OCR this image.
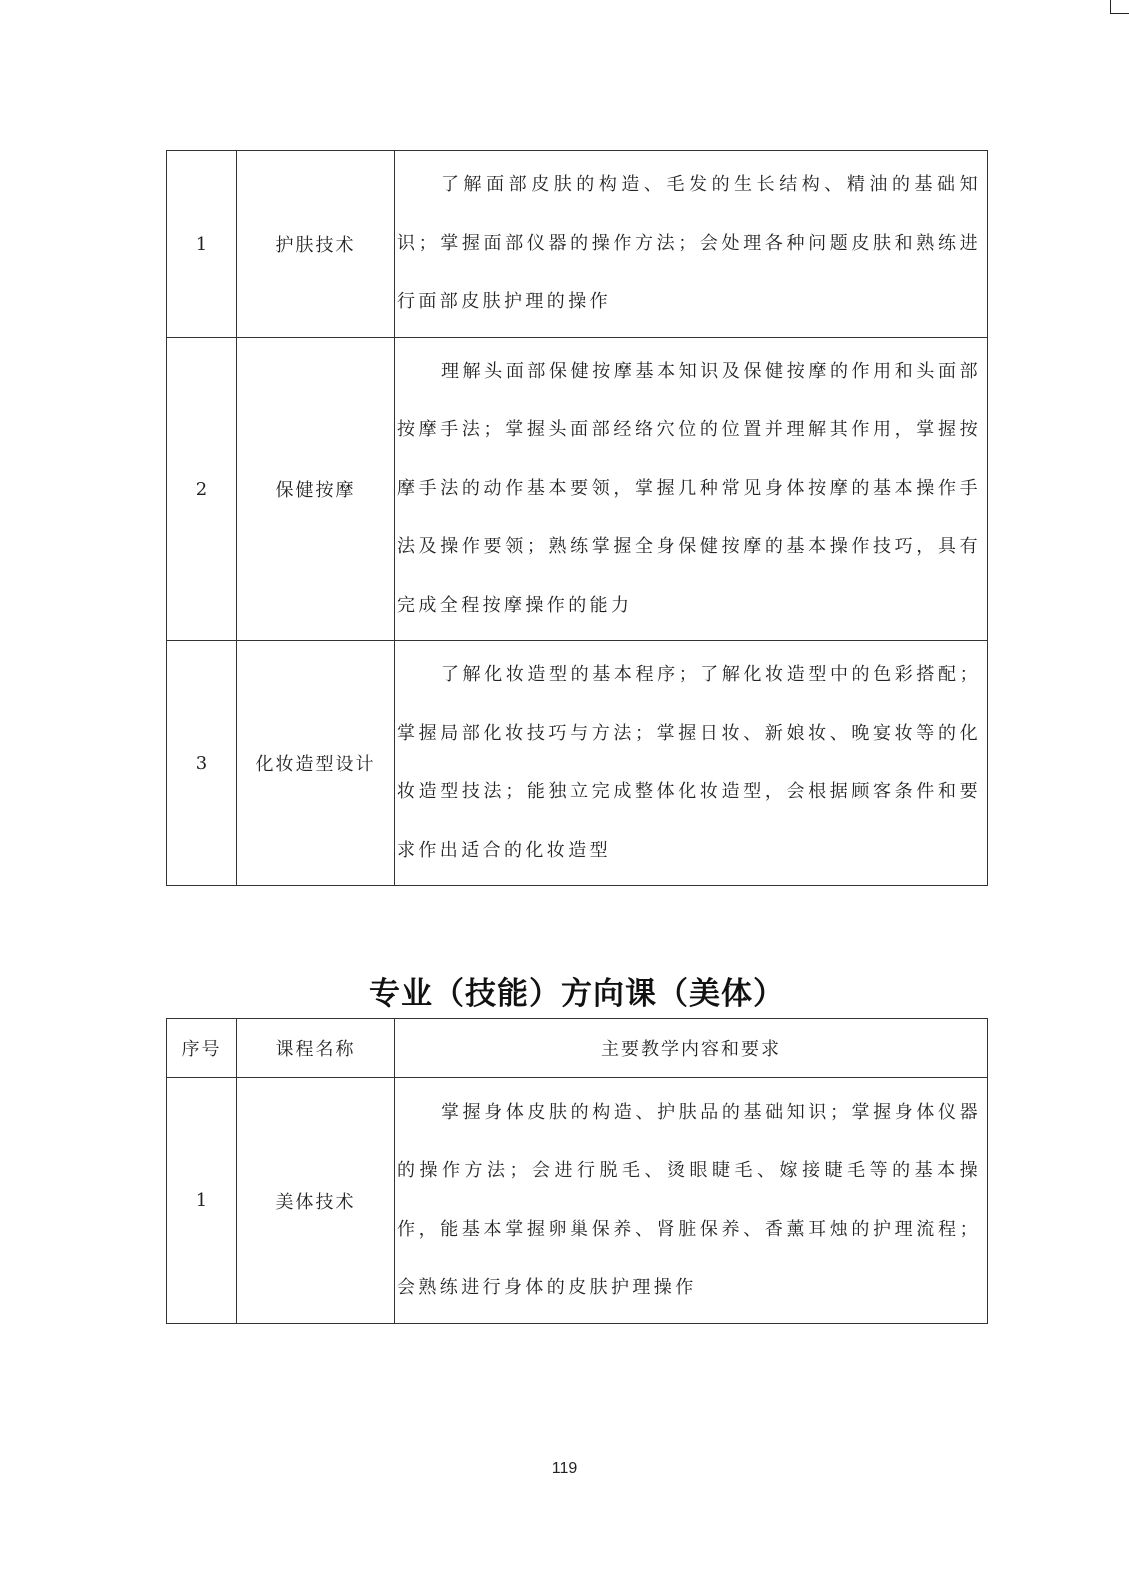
1	护肤技术	了解面部皮肤的构造、毛发的生长结构、精油的基础知识；掌握面部仪器的操作方法；会处理各种问题皮肤和熟练进行面部皮肤护理的操作
2	保健按摩	理解头面部保健按摩基本知识及保健按摩的作用和头面部按摩手法；掌握头面部经络穴位的位置并理解其作用，掌握按摩手法的动作基本要领，掌握几种常见身体按摩的基本操作手法及操作要领；熟练掌握全身保健按摩的基本操作技巧，具有完成全程按摩操作的能力
3	化妆造型设计	了解化妆造型的基本程序；了解化妆造型中的色彩搭配；掌握局部化妆技巧与方法；掌握日妆、新娘妆、晚宴妆等的化妆造型技法；能独立完成整体化妆造型，会根据顾客条件和要求作出适合的化妆造型
专业（技能）方向课（美体）
序号	课程名称	主要教学内容和要求
1	美体技术	掌握身体皮肤的构造、护肤品的基础知识；掌握身体仪器的操作方法；会进行脱毛、烫眼睫毛、嫁接睫毛等的基本操作，能基本掌握卵巢保养、肾脏保养、香薰耳烛的护理流程；会熟练进行身体的皮肤护理操作
119
